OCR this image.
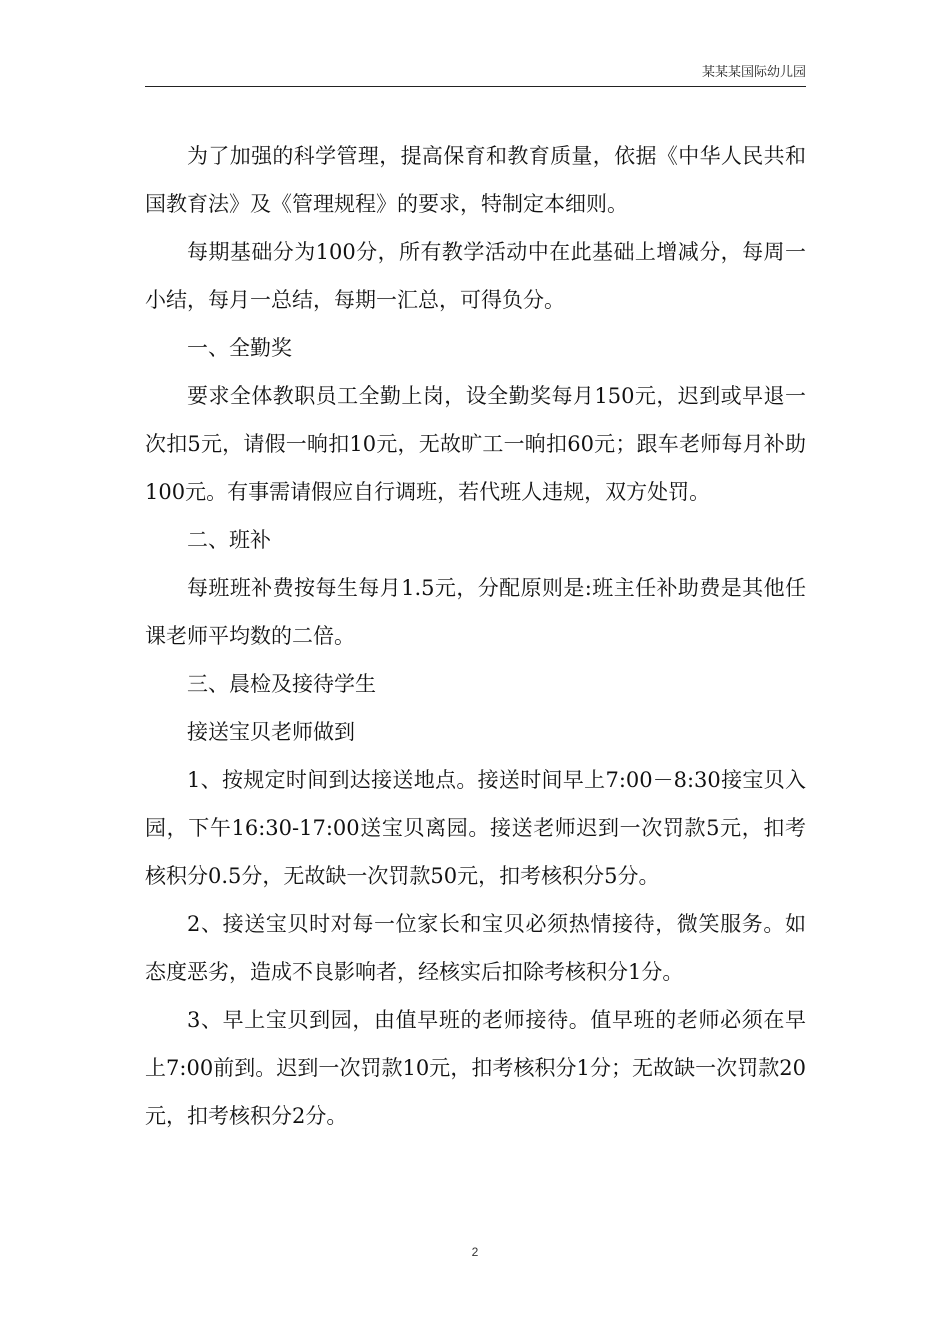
某某某国际幼儿园

为了加强的科学管理，提高保育和教育质量，依据《中华人民共和国教育法》及《管理规程》的要求，特制定本细则。

每期基础分为100分，所有教学活动中在此基础上增减分，每周一小结，每月一总结，每期一汇总，可得负分。

一、全勤奖

要求全体教职员工全勤上岗，设全勤奖每月150元，迟到或早退一次扣5元，请假一晌扣10元，无故旷工一晌扣60元；跟车老师每月补助100元。有事需请假应自行调班，若代班人违规，双方处罚。

二、班补

每班班补费按每生每月1.5元，分配原则是:班主任补助费是其他任课老师平均数的二倍。

三、晨检及接待学生

接送宝贝老师做到

1、按规定时间到达接送地点。接送时间早上7:00－8:30接宝贝入园，下午16:30-17:00送宝贝离园。接送老师迟到一次罚款5元，扣考核积分0.5分，无故缺一次罚款50元，扣考核积分5分。

2、接送宝贝时对每一位家长和宝贝必须热情接待，微笑服务。如态度恶劣，造成不良影响者，经核实后扣除考核积分1分。

3、早上宝贝到园，由值早班的老师接待。值早班的老师必须在早上7:00前到。迟到一次罚款10元，扣考核积分1分；无故缺一次罚款20元，扣考核积分2分。

2
